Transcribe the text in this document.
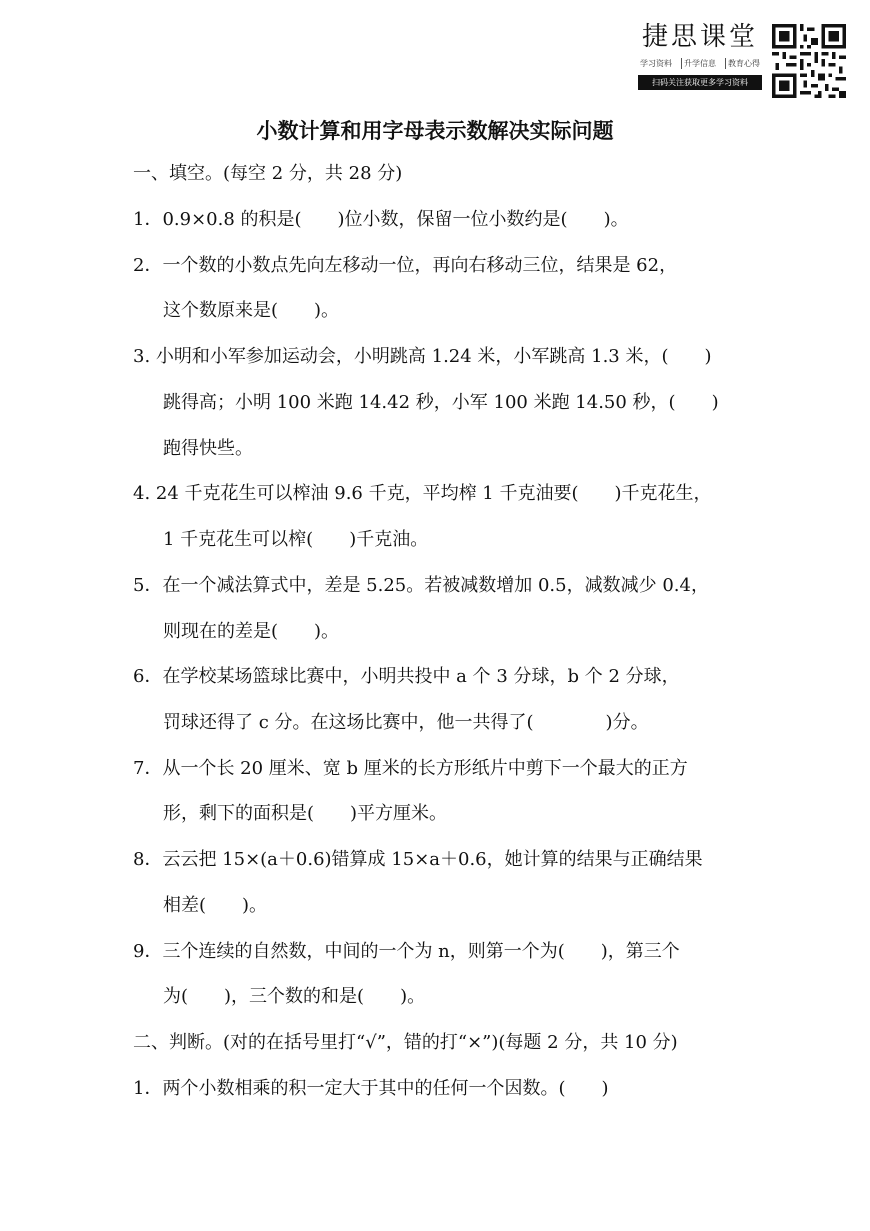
捷思课堂
学习资料	升学信息	教育心得
扫码关注获取更多学习资料
小数计算和用字母表示数解决实际问题
一、填空。(每空 2 分，共 28 分)
1．0.9×0.8 的积是(　　)位小数，保留一位小数约是(　　)。
2．一个数的小数点先向左移动一位，再向右移动三位，结果是 62，
这个数原来是(　　)。
3. 小明和小军参加运动会，小明跳高 1.24 米，小军跳高 1.3 米，(　　)
跳得高；小明 100 米跑 14.42 秒，小军 100 米跑 14.50 秒，(　　)
跑得快些。
4. 24 千克花生可以榨油 9.6 千克，平均榨 1 千克油要(　　)千克花生，
1 千克花生可以榨(　　)千克油。
5．在一个减法算式中，差是 5.25。若被减数增加 0.5，减数减少 0.4，
则现在的差是(　　)。
6．在学校某场篮球比赛中，小明共投中 a 个 3 分球，b 个 2 分球，
罚球还得了 c 分。在这场比赛中，他一共得了(　　　　)分。
7．从一个长 20 厘米、宽 b 厘米的长方形纸片中剪下一个最大的正方
形，剩下的面积是(　　)平方厘米。
8．云云把 15×(a＋0.6)错算成 15×a＋0.6，她计算的结果与正确结果
相差(　　)。
9．三个连续的自然数，中间的一个为 n，则第一个为(　　)，第三个
为(　　)，三个数的和是(　　)。
二、判断。(对的在括号里打“√”，错的打“×”)(每题 2 分，共 10 分)
1．两个小数相乘的积一定大于其中的任何一个因数。(　　)
